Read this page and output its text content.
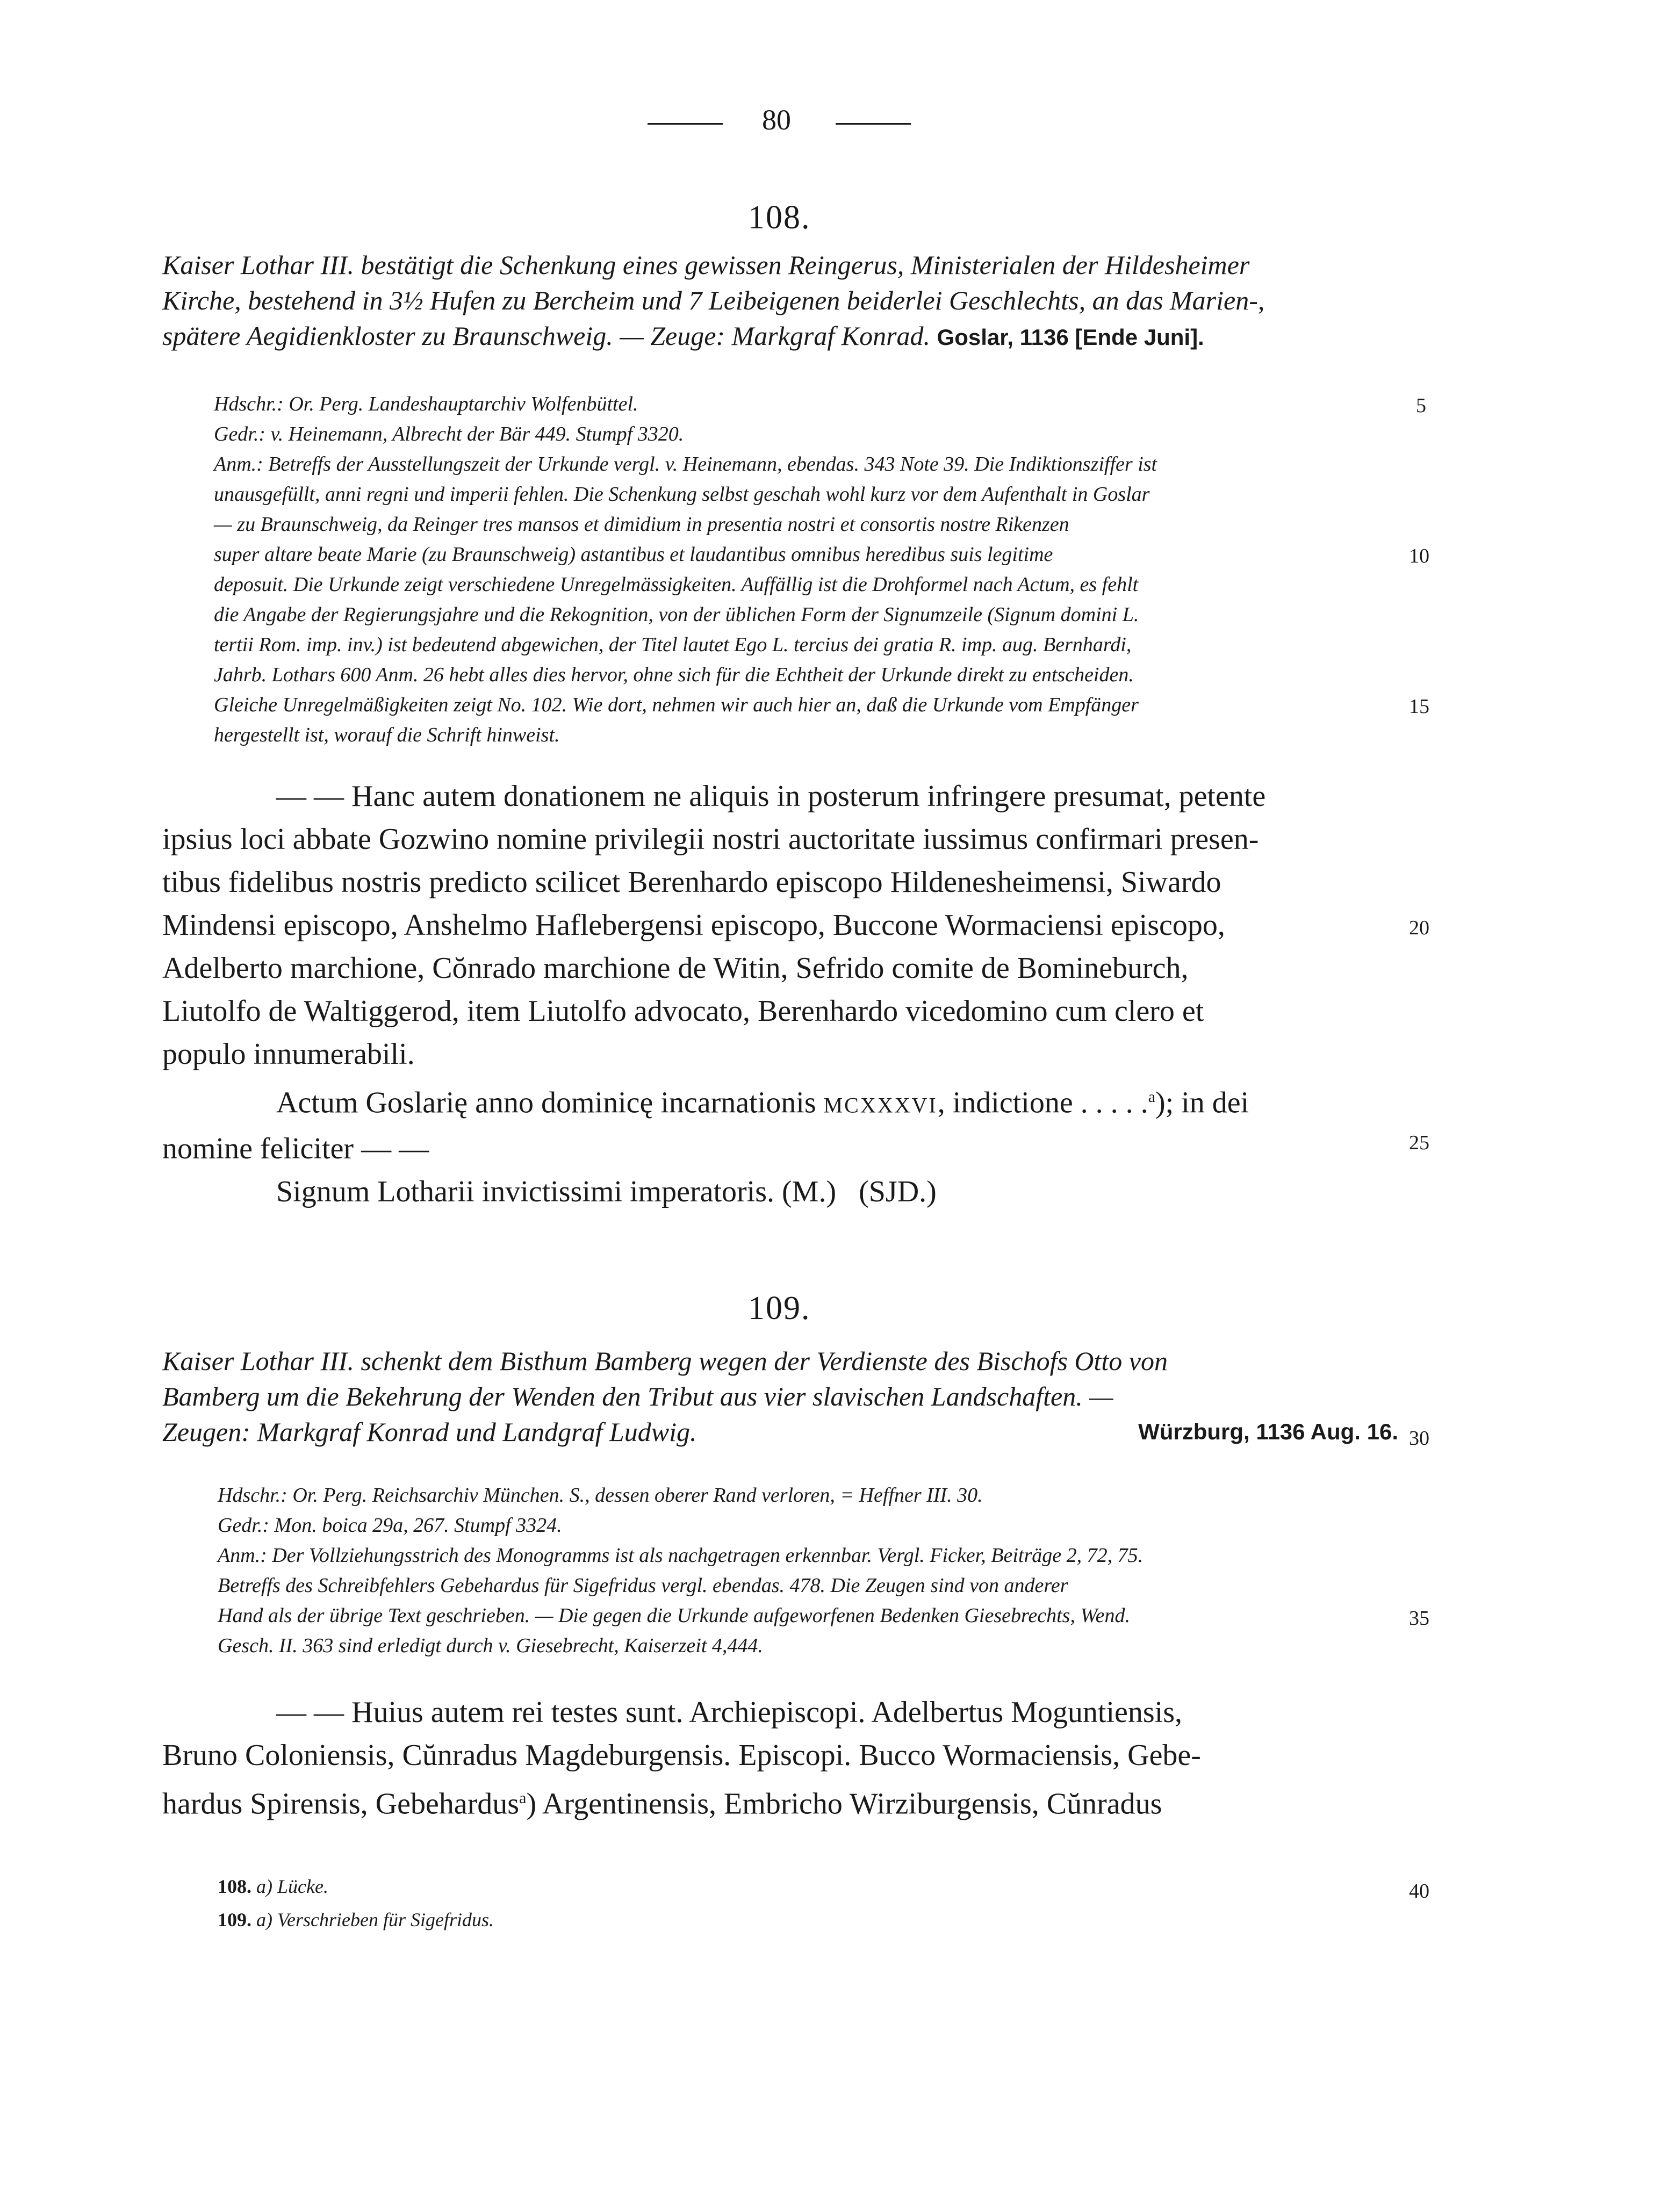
80
108.
Kaiser Lothar III. bestätigt die Schenkung eines gewissen Reingerus, Ministerialen der Hildesheimer
Kirche, bestehend in 3½ Hufen zu Bercheim und 7 Leibeigenen beiderlei Geschlechts, an das Marien-,
spätere Aegidienkloster zu Braunschweig. — Zeuge: Markgraf Konrad. Goslar, 1136 [Ende Juni].
Hdschr.: Or. Perg. Landeshauptarchiv Wolfenbüttel.
Gedr.: v. Heinemann, Albrecht der Bär 449. Stumpf 3320.
Anm.: Betreffs der Ausstellungszeit der Urkunde vergl. v. Heinemann, ebendas. 343 Note 39. Die Indiktionsziffer ist
unausgefüllt, anni regni und imperii fehlen. Die Schenkung selbst geschah wohl kurz vor dem Aufenthalt in Goslar
— zu Braunschweig, da Reinger tres mansos et dimidium in presentia nostri et consortis nostre Rikenzen
super altare beate Marie (zu Braunschweig) astantibus et laudantibus omnibus heredibus suis legitime
deposuit. Die Urkunde zeigt verschiedene Unregelmässigkeiten. Auffällig ist die Drohformel nach Actum, es fehlt
die Angabe der Regierungsjahre und die Rekognition, von der üblichen Form der Signumzeile (Signum domini L.
tertii Rom. imp. inv.) ist bedeutend abgewichen, der Titel lautet Ego L. tercius dei gratia R. imp. aug. Bernhardi,
Jahrb. Lothars 600 Anm. 26 hebt alles dies hervor, ohne sich für die Echtheit der Urkunde direkt zu entscheiden.
Gleiche Unregelmäßigkeiten zeigt No. 102. Wie dort, nehmen wir auch hier an, daß die Urkunde vom Empfänger
hergestellt ist, worauf die Schrift hinweist.
— — Hanc autem donationem ne aliquis in posterum infringere presumat, petente
ipsius loci abbate Gozwino nomine privilegii nostri auctoritate iussimus confirmari presen-
tibus fidelibus nostris predicto scilicet Berenhardo episcopo Hildenesheimensi, Siwardo
Mindensi episcopo, Anshelmo Haflebergensi episcopo, Buccone Wormaciensi episcopo,
Adelberto marchione, Cŏnrado marchione de Witin, Sefrido comite de Bomineburch,
Liutolfo de Waltiggerod, item Liutolfo advocato, Berenhardo vicedomino cum clero et
populo innumerabili.
Actum Goslarię anno dominicę incarnationis MCXXXVI, indictione . . . . .$^a$); in dei
nomine feliciter — —
Signum Lotharii invictissimi imperatoris. (M.)   (SJD.)
109.
Kaiser Lothar III. schenkt dem Bisthum Bamberg wegen der Verdienste des Bischofs Otto von
Bamberg um die Bekehrung der Wenden den Tribut aus vier slavischen Landschaften. —
Zeugen: Markgraf Konrad und Landgraf Ludwig.	Würzburg, 1136 Aug. 16.
Hdschr.: Or. Perg. Reichsarchiv München. S., dessen oberer Rand verloren, = Heffner III. 30.
Gedr.: Mon. boica 29a, 267. Stumpf 3324.
Anm.: Der Vollziehungsstrich des Monogramms ist als nachgetragen erkennbar. Vergl. Ficker, Beiträge 2, 72, 75.
Betreffs des Schreibfehlers Gebehardus für Sigefridus vergl. ebendas. 478. Die Zeugen sind von anderer
Hand als der übrige Text geschrieben. — Die gegen die Urkunde aufgeworfenen Bedenken Giesebrechts, Wend.
Gesch. II. 363 sind erledigt durch v. Giesebrecht, Kaiserzeit 4,444.
— — Huius autem rei testes sunt. Archiepiscopi. Adelbertus Moguntiensis,
Bruno Coloniensis, Cŭnradus Magdeburgensis. Episcopi. Bucco Wormaciensis, Gebe-
hardus Spirensis, Gebehardus$^a$) Argentinensis, Embricho Wirziburgensis, Cŭnradus
5
10
15
20
25
30
35
40
108. a) Lücke.
109. a) Verschrieben für Sigefridus.
